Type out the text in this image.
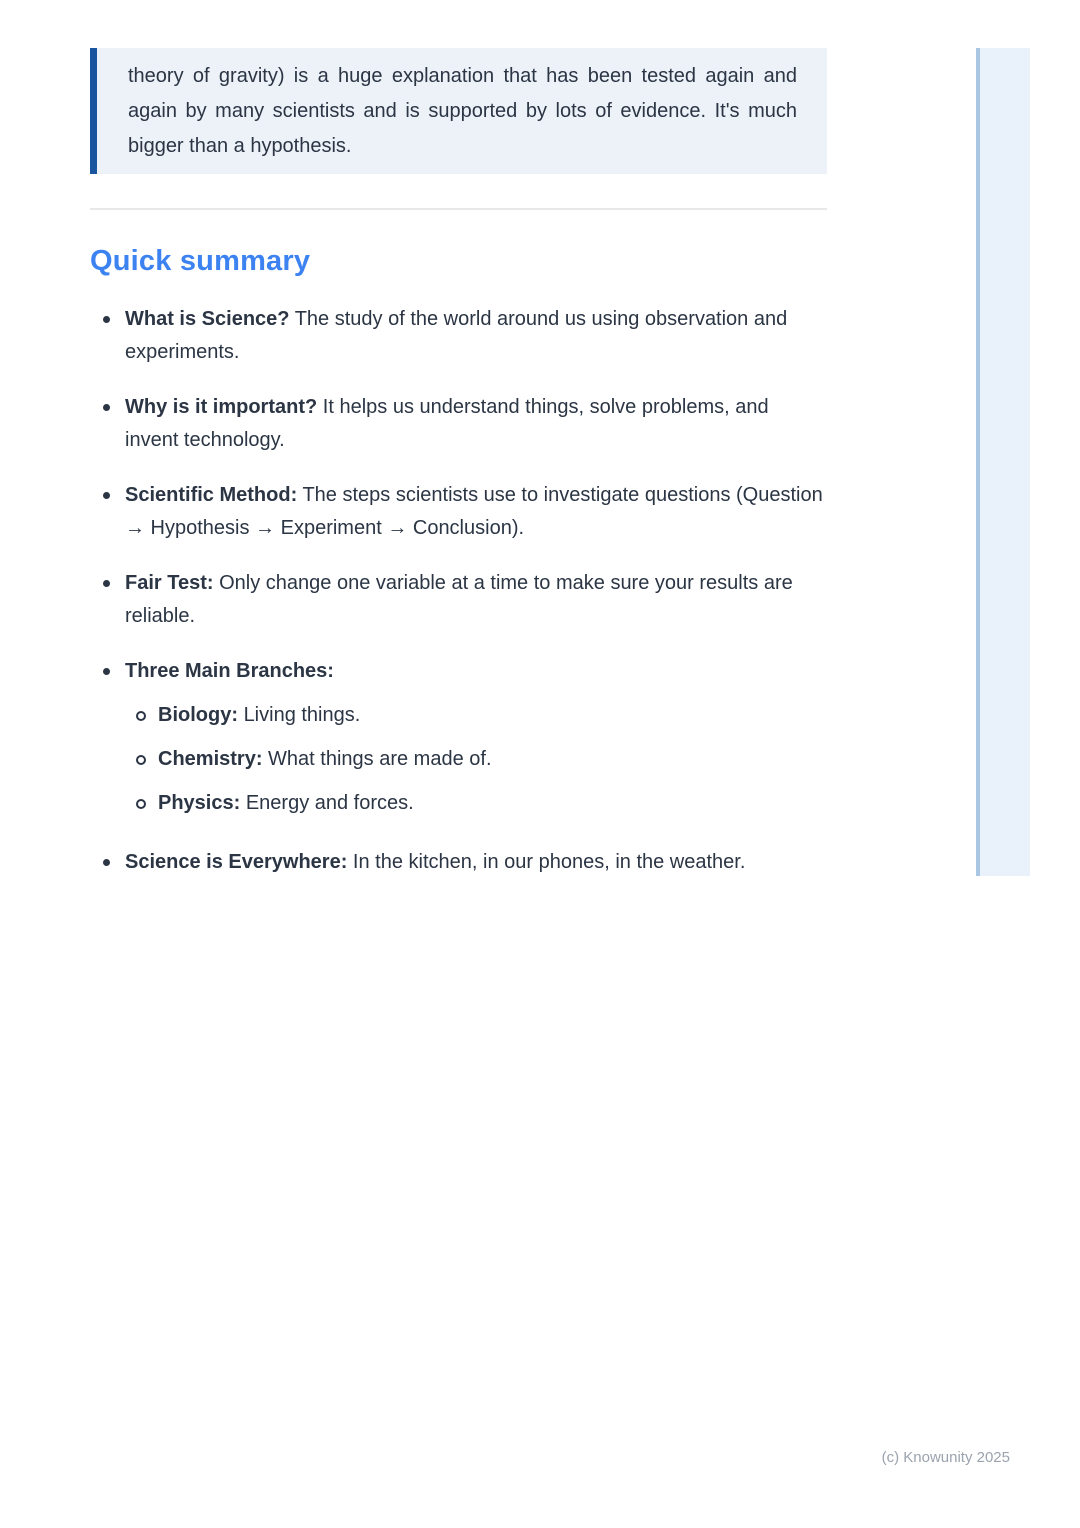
theory of gravity) is a huge explanation that has been tested again and again by many scientists and is supported by lots of evidence. It's much bigger than a hypothesis.

Quick summary
What is Science? The study of the world around us using observation and experiments.
Why is it important? It helps us understand things, solve problems, and invent technology.
Scientific Method: The steps scientists use to investigate questions (Question → Hypothesis → Experiment → Conclusion).
Fair Test: Only change one variable at a time to make sure your results are reliable.
Three Main Branches:
Biology: Living things.
Chemistry: What things are made of.
Physics: Energy and forces.
Science is Everywhere: In the kitchen, in our phones, in the weather.
(c) Knowunity 2025
